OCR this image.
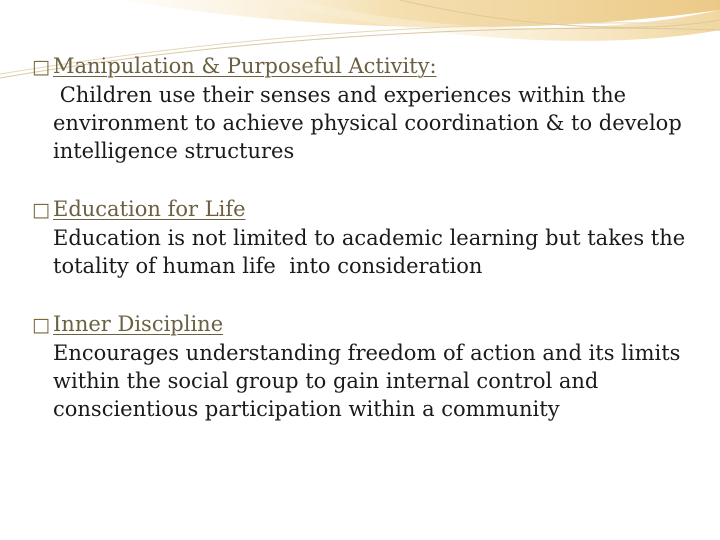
□ Manipulation & Purposeful Activity:
Children use their senses and experiences within the environment to achieve physical coordination & to develop intelligence structures
□ Education for Life
Education is not limited to academic learning but takes the totality of human life  into consideration
□ Inner Discipline
Encourages understanding freedom of action and its limits within the social group to gain internal control and conscientious participation within a community
